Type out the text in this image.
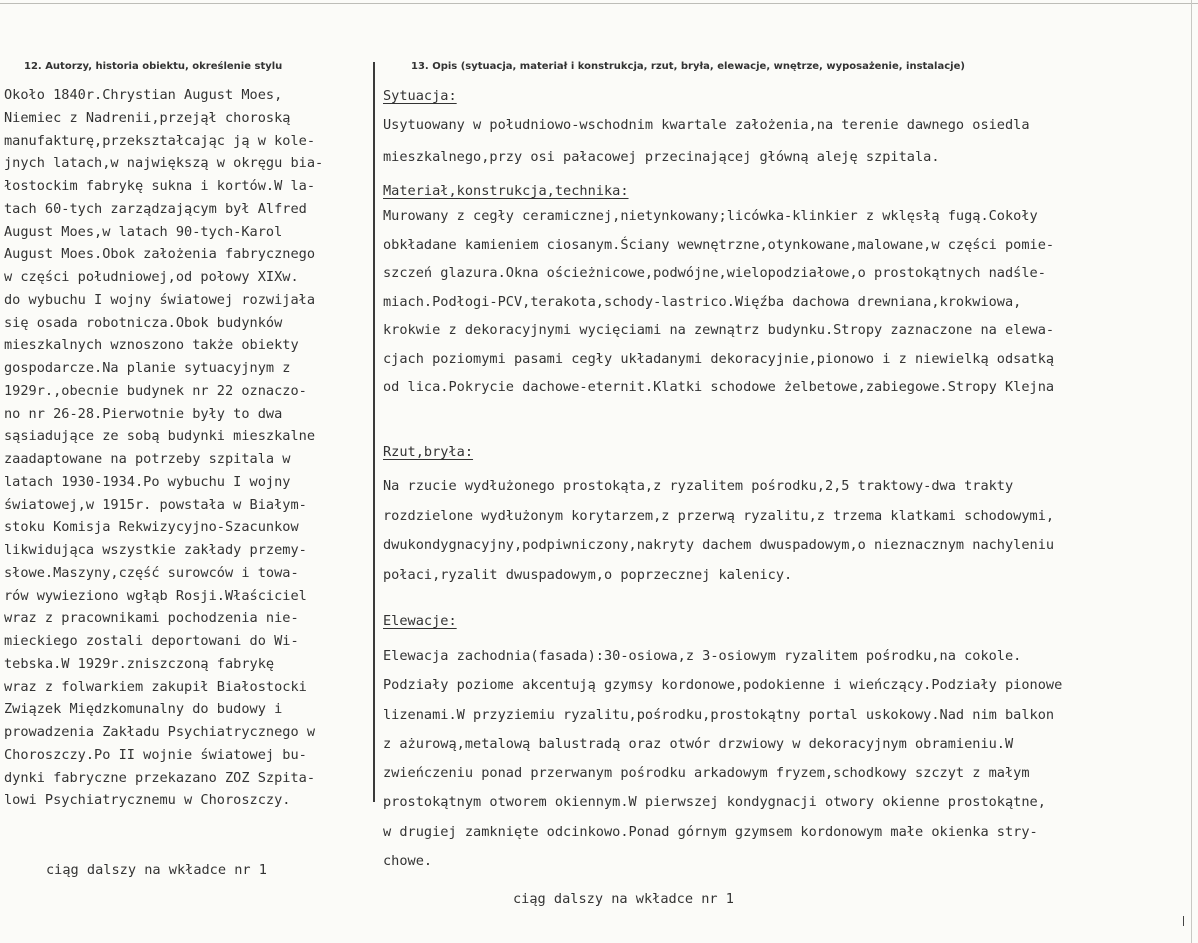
12. Autorzy, historia obiektu, określenie stylu	13. Opis (sytuacja, materiał i konstrukcja, rzut, bryła, elewacje, wnętrze, wyposażenie, instalacje)
Około 1840r.Chrystian August Moes,
Niemiec z Nadrenii,przejął choroską
manufakturę,przekształcając ją w kole-
jnych latach,w największą w okręgu bia-
łostockim fabrykę sukna i kortów.W la-
tach 60-tych zarządzającym był Alfred
August Moes,w latach 90-tych-Karol
August Moes.Obok założenia fabrycznego
w części południowej,od połowy XIXw.
do wybuchu I wojny światowej rozwijała
się osada robotnicza.Obok budynków
mieszkalnych wznoszono także obiekty
gospodarcze.Na planie sytuacyjnym z
1929r.,obecnie budynek nr 22 oznaczo-
no nr 26-28.Pierwotnie były to dwa
sąsiadujące ze sobą budynki mieszkalne
zaadaptowane na potrzeby szpitala w
latach 1930-1934.Po wybuchu I wojny
światowej,w 1915r. powstała w Białym-
stoku Komisja Rekwizycyjno-Szacunkow
likwidująca wszystkie zakłady przemy-
słowe.Maszyny,część surowców i towa-
rów wywieziono wgłąb Rosji.Właściciel
wraz z pracownikami pochodzenia nie-
mieckiego zostali deportowani do Wi-
tebska.W 1929r.zniszczoną fabrykę
wraz z folwarkiem zakupił Białostocki
Związek Międzkomunalny do budowy i
prowadzenia Zakładu Psychiatrycznego w
Choroszczy.Po II wojnie światowej bu-
dynki fabryczne przekazano ZOZ Szpita-
lowi Psychiatrycznemu w Choroszczy.
ciąg dalszy na wkładce nr 1
Sytuacja:
Usytuowany w południowo-wschodnim kwartale założenia,na terenie dawnego osiedla
mieszkalnego,przy osi pałacowej przecinającej główną aleję szpitala.
Materiał,konstrukcja,technika:
Murowany z cegły ceramicznej,nietynkowany;licówka-klinkier z wklęsłą fugą.Cokoły
obkładane kamieniem ciosanym.Ściany wewnętrzne,otynkowane,malowane,w części pomie-
szczeń glazura.Okna ościeżnicowe,podwójne,wielopodziałowe,o prostokątnych nadśle-
miach.Podłogi-PCV,terakota,schody-lastrico.Więźba dachowa drewniana,krokwiowa,
krokwie z dekoracyjnymi wycięciami na zewnątrz budynku.Stropy zaznaczone na elewa-
cjach poziomymi pasami cegły układanymi dekoracyjnie,pionowo i z niewielką odsatką
od lica.Pokrycie dachowe-eternit.Klatki schodowe żelbetowe,zabiegowe.Stropy Klejna
Rzut,bryła:
Na rzucie wydłużonego prostokąta,z ryzalitem pośrodku,2,5 traktowy-dwa trakty
rozdzielone wydłużonym korytarzem,z przerwą ryzalitu,z trzema klatkami schodowymi,
dwukondygnacyjny,podpiwniczony,nakryty dachem dwuspadowym,o nieznacznym nachyleniu
połaci,ryzalit dwuspadowym,o poprzecznej kalenicy.
Elewacje:
Elewacja zachodnia(fasada):30-osiowa,z 3-osiowym ryzalitem pośrodku,na cokole.
Podziały poziome akcentują gzymsy kordonowe,podokienne i wieńczący.Podziały pionowe
lizenami.W przyziemiu ryzalitu,pośrodku,prostokątny portal uskokowy.Nad nim balkon
z ażurową,metalową balustradą oraz otwór drzwiowy w dekoracyjnym obramieniu.W
zwieńczeniu ponad przerwanym pośrodku arkadowym fryzem,schodkowy szczyt z małym
prostokątnym otworem okiennym.W pierwszej kondygnacji otwory okienne prostokątne,
w drugiej zamknięte odcinkowo.Ponad górnym gzymsem kordonowym małe okienka stry-
chowe.
ciąg dalszy na wkładce nr 1
